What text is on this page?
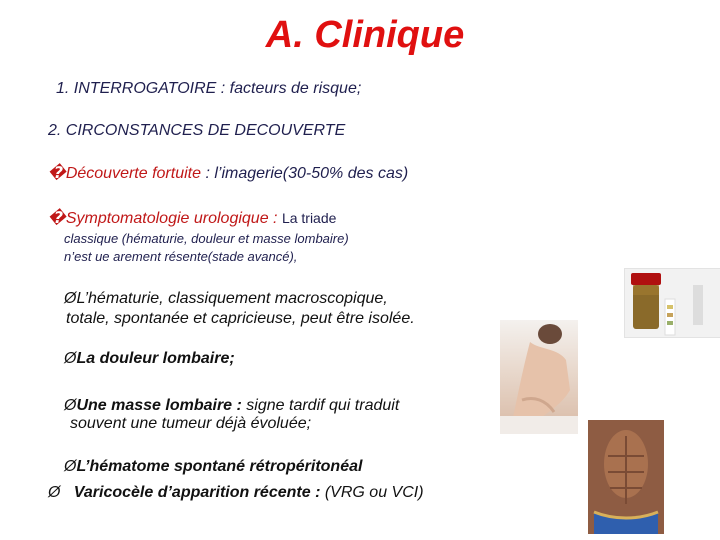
A. Clinique
1. INTERROGATOIRE : facteurs de risque;
2. CIRCONSTANCES DE DECOUVERTE
�Découverte fortuite : l’imagerie(30-50% des cas)
�Symptomatologie urologique : La triade
classique (hématurie, douleur et masse lombaire)
n’est ue arement résente(stade avancé),
ØL’hématurie, classiquement macroscopique,
totale, spontanée et capricieuse, peut être isolée.
ØLa douleur lombaire;
ØUne masse lombaire : signe tardif qui traduit
souvent une tumeur déjà évoluée;
ØL’hématome spontané rétropéritonéal
Ø Varicocèle d’apparition récente : (VRG ou VCI)
